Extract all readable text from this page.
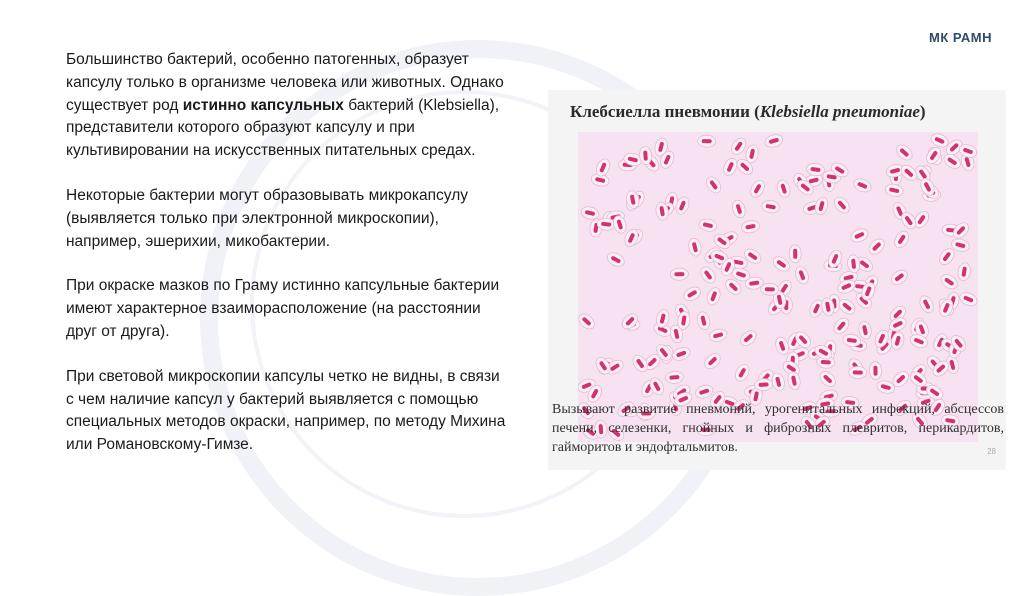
МК РАМН

Большинство бактерий, особенно патогенных, образует капсулу только в организме человека или животных. Однако существует род истинно капсульных бактерий (Klebsiella), представители которого образуют капсулу и при культивировании на искусственных питательных средах.

Некоторые бактерии могут образовывать микрокапсулу (выявляется только при электронной микроскопии), например, эшерихии, микобактерии.

При окраске мазков по Граму истинно капсульные бактерии имеют характерное взаиморасположение (на расстоянии друг от друга).

При световой микроскопии капсулы четко не видны, в связи с чем наличие капсул у бактерий выявляется с помощью специальных методов окраски, например, по методу Михина или Романовскому-Гимзе.

Клебсиелла пневмонии (Klebsiella pneumoniae)
Вызывают развитие пневмоний, урогенитальных инфекций, абсцессов печени, селезенки, гнойных и фиброзных плевритов, перикардитов, гайморитов и эндофтальмитов.	28
